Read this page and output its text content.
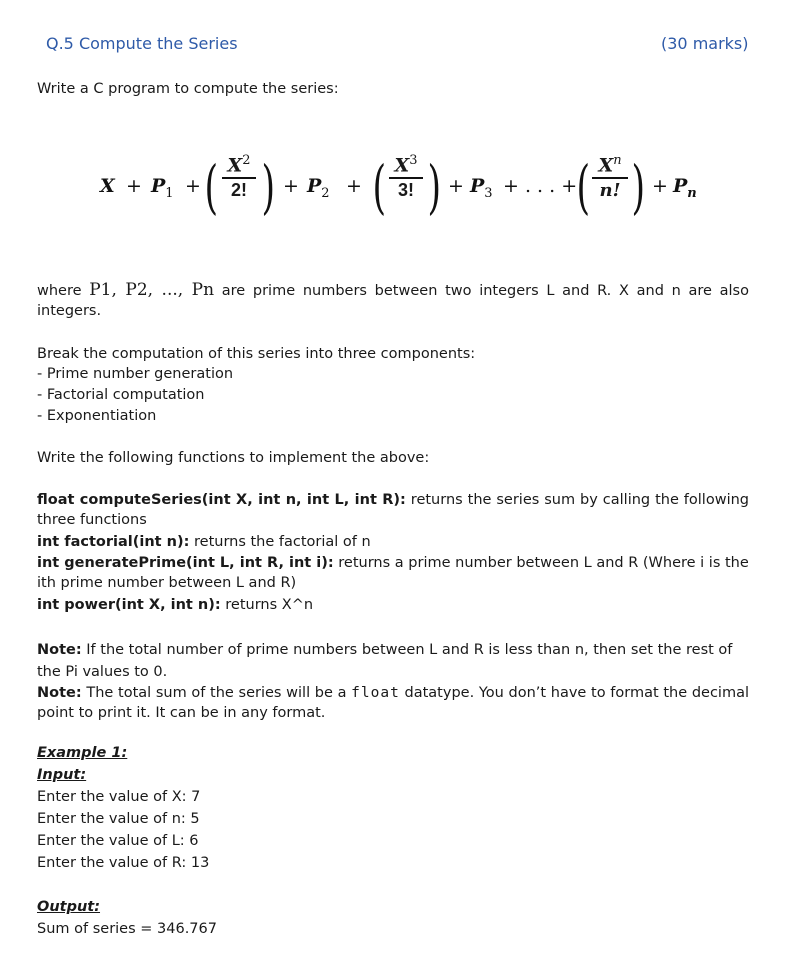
Q.5 Compute the Series	(30 marks)
Write a C program to compute the series:
$X + P_1$ + ( $X^2$
2! ) + $P_2$ + ( $X^3$
3! ) + $P_3$ + . . . + ( $X^n$
n! ) + $P_n$
where P1, P2, ..., Pn are prime numbers between two integers L and R. X and n are also integers.
Break the computation of this series into three components:
- Prime number generation
- Factorial computation
- Exponentiation
Write the following functions to implement the above:
float computeSeries(int X, int n, int L, int R): returns the series sum by calling the following three functions
int factorial(int n): returns the factorial of n
int generatePrime(int L, int R, int i): returns a prime number between L and R (Where i is the ith prime number between L and R)
int power(int X, int n): returns X^n
Note: If the total number of prime numbers between L and R is less than n, then set the rest of the Pi values to 0.
Note: The total sum of the series will be a float datatype. You don’t have to format the decimal point to print it. It can be in any format.
Example 1:
Input:
Enter the value of X: 7
Enter the value of n: 5
Enter the value of L: 6
Enter the value of R: 13
Output:
Sum of series = 346.767
